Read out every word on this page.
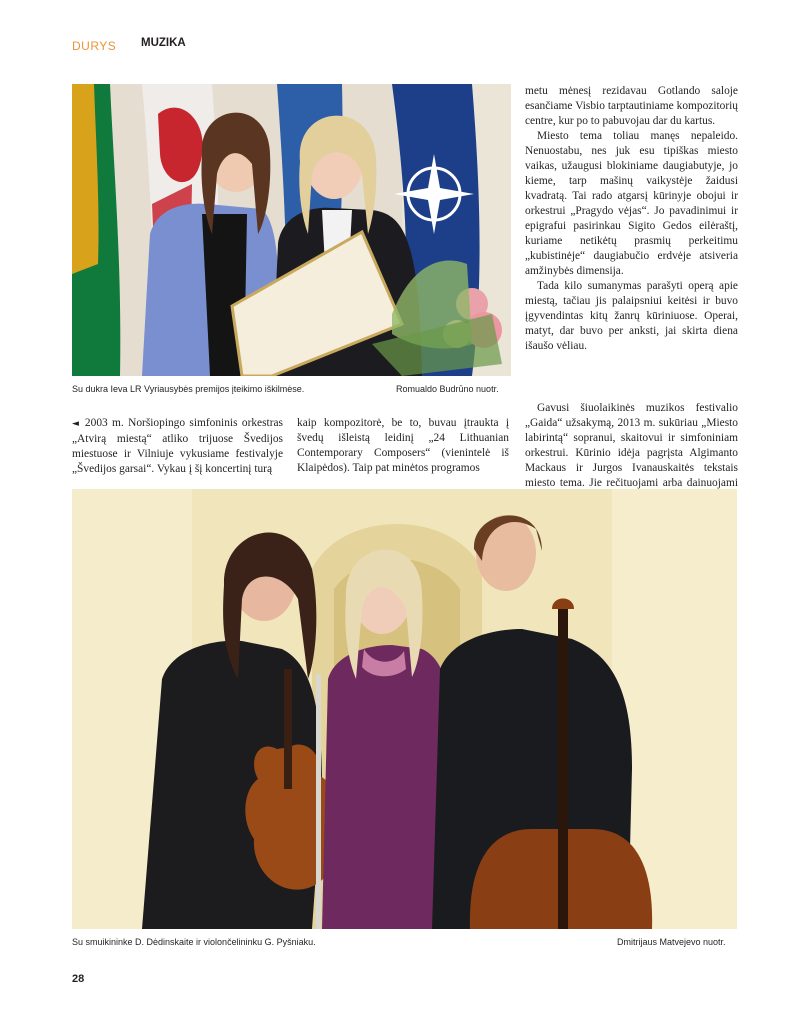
DURYS MUZIKA
Su dukra Ieva LR Vyriausybės premijos įteikimo iškilmėse.	Romualdo Budrūno nuotr.

metu mėnesį rezidavau Gotlando saloje esančiame Visbio tarptautiniame kompozitorių centre, kur po to pabuvojau dar du kartus.

Miesto tema toliau manęs nepaleido. Nenuostabu, nes juk esu tipiškas miesto vaikas, užaugusi blokiniame daugiabutyje, jo kieme, tarp mašinų vaikystėje žaidusi kvadratą. Tai rado atgarsį kūrinyje obojui ir orkestrui „Pragydo vėjas“. Jo pavadinimui ir epigrafui pasirinkau Sigito Gedos eilėraštį, kuriame netikėtų prasmių perkeitimu „kubistinėje“ daugiabučio erdvėje atsiveria amžinybės dimensija.

Tada kilo sumanymas parašyti operą apie miestą, tačiau jis palaipsniui keitėsi ir buvo įgyvendintas kitų žanrų kūriniuose. Operai, matyt, dar buvo per anksti, jai skirta diena išaušo vėliau.

Gavusi šiuolaikinės muzikos festivalio „Gaida“ užsakymą, 2013 m. sukūriau „Miesto labirintą“ sopranui, skaitovui ir simfoniniam orkestrui. Kūrinio idėja pagrįsta Algimanto Mackaus ir Jurgos Ivanauskaitės tekstais miesto tema. Jie rečituojami arba dainuojami

◄ 2003 m. Noršiopingo simfoninis orkestras „Atvirą miestą“ atliko trijuose Švedijos miestuose ir Vilniuje vykusiame festivalyje „Švedijos garsai“. Vykau į šį koncertinį turą

kaip kompozitorė, be to, buvau įtraukta į švedų išleistą leidinį „24 Lithuanian Contemporary Composers“ (vienintelė iš Klaipėdos). Taip pat minėtos programos

Su smuikininke D. Dėdinskaite ir violončelininku G. Pyšniaku.	Dmitrijaus Matvejevo nuotr.
28
